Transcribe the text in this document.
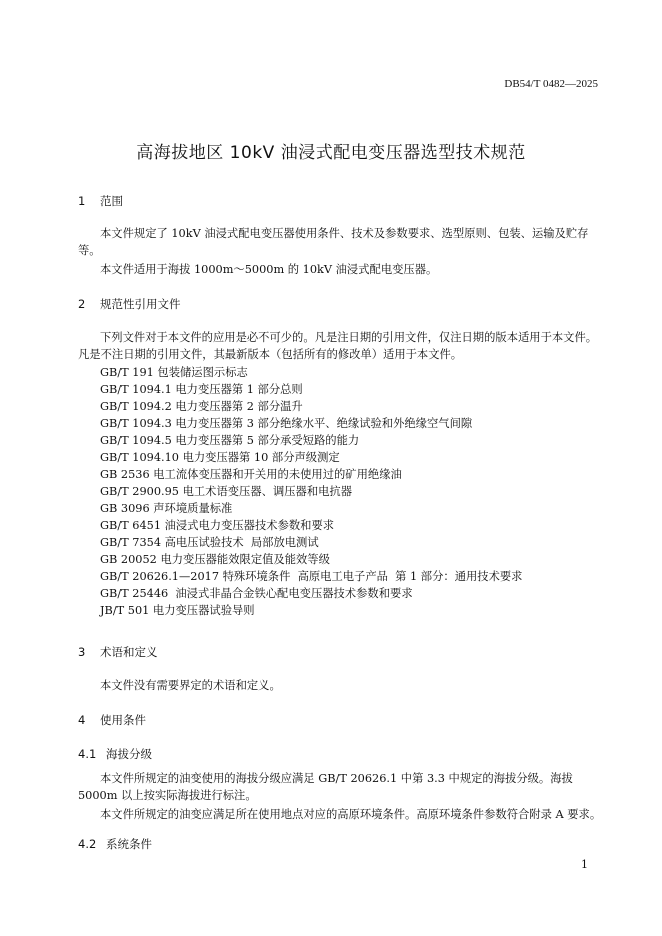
DB54/T 0482—2025
高海拔地区 10kV 油浸式配电变压器选型技术规范
1 范围
本文件规定了 10kV 油浸式配电变压器使用条件、技术及参数要求、选型原则、包装、运输及贮存等。
本文件适用于海拔 1000m～5000m 的 10kV 油浸式配电变压器。
2 规范性引用文件
下列文件对于本文件的应用是必不可少的。凡是注日期的引用文件，仅注日期的版本适用于本文件。凡是不注日期的引用文件，其最新版本（包括所有的修改单）适用于本文件。
GB/T 191 包装储运图示标志
GB/T 1094.1 电力变压器第 1 部分总则
GB/T 1094.2 电力变压器第 2 部分温升
GB/T 1094.3 电力变压器第 3 部分绝缘水平、绝缘试验和外绝缘空气间隙
GB/T 1094.5 电力变压器第 5 部分承受短路的能力
GB/T 1094.10 电力变压器第 10 部分声级测定
GB 2536 电工流体变压器和开关用的未使用过的矿用绝缘油
GB/T 2900.95 电工术语变压器、调压器和电抗器
GB 3096 声环境质量标准
GB/T 6451 油浸式电力变压器技术参数和要求
GB/T 7354 高电压试验技术  局部放电测试
GB 20052 电力变压器能效限定值及能效等级
GB/T 20626.1—2017 特殊环境条件  高原电工电子产品  第 1 部分：通用技术要求
GB/T 25446  油浸式非晶合金铁心配电变压器技术参数和要求
JB/T 501 电力变压器试验导则
3 术语和定义
本文件没有需要界定的术语和定义。
4 使用条件
4.1 海拔分级
本文件所规定的油变使用的海拔分级应满足 GB/T 20626.1 中第 3.3 中规定的海拔分级。海拔 5000m 以上按实际海拔进行标注。
本文件所规定的油变应满足所在使用地点对应的高原环境条件。高原环境条件参数符合附录 A 要求。
4.2 系统条件
1
